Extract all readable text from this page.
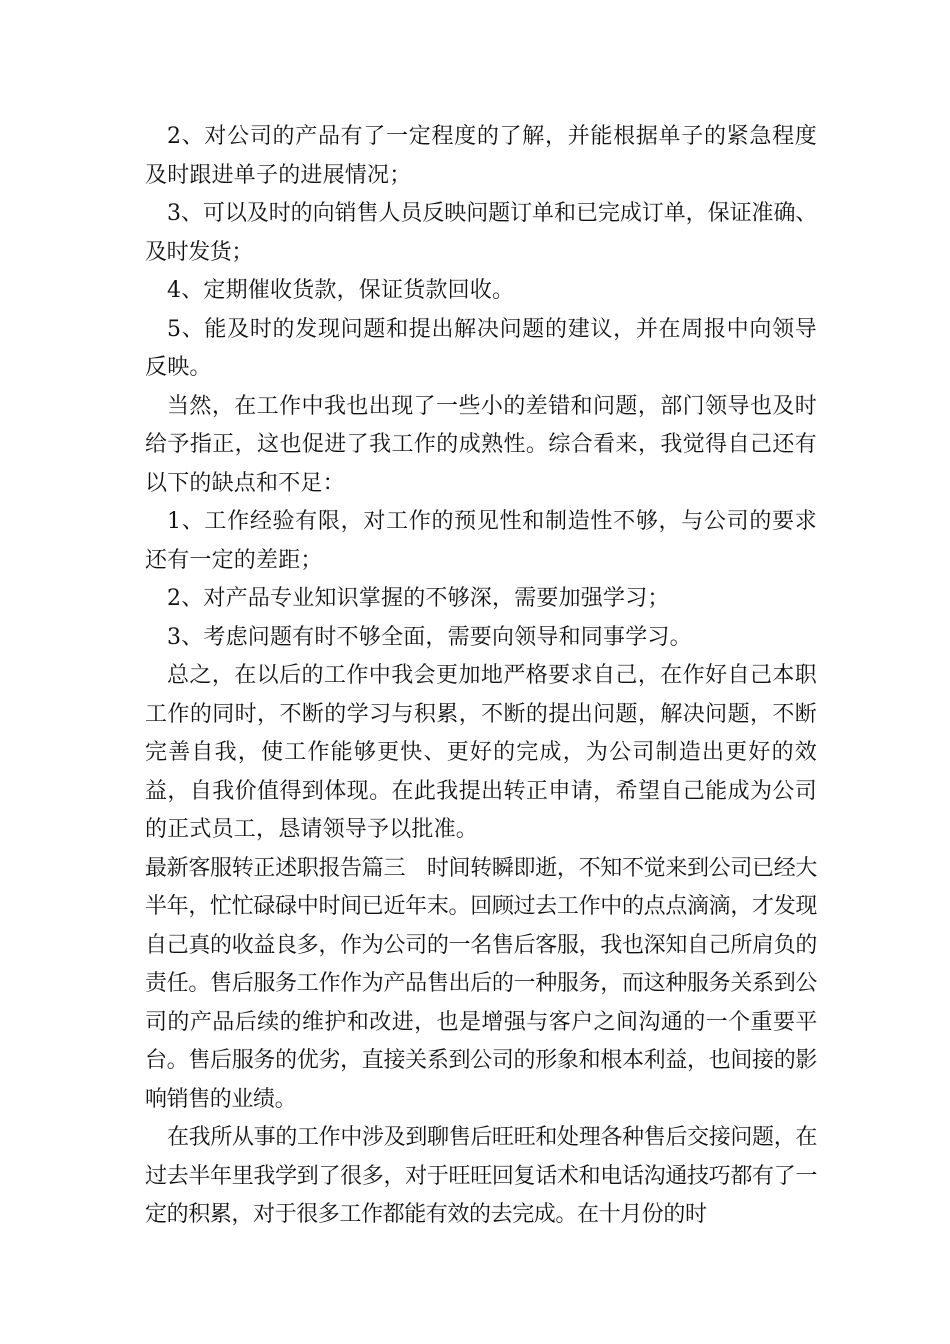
2、对公司的产品有了一定程度的了解，并能根据单子的紧急程度及时跟进单子的进展情况；

3、可以及时的向销售人员反映问题订单和已完成订单，保证准确、及时发货；

4、定期催收货款，保证货款回收。

5、能及时的发现问题和提出解决问题的建议，并在周报中向领导反映。

当然，在工作中我也出现了一些小的差错和问题，部门领导也及时给予指正，这也促进了我工作的成熟性。综合看来，我觉得自己还有以下的缺点和不足：

1、工作经验有限，对工作的预见性和制造性不够，与公司的要求还有一定的差距；

2、对产品专业知识掌握的不够深，需要加强学习；

3、考虑问题有时不够全面，需要向领导和同事学习。

总之，在以后的工作中我会更加地严格要求自己，在作好自己本职工作的同时，不断的学习与积累，不断的提出问题，解决问题，不断完善自我，使工作能够更快、更好的完成，为公司制造出更好的效益，自我价值得到体现。在此我提出转正申请，希望自己能成为公司的正式员工，恳请领导予以批准。

最新客服转正述职报告篇三　时间转瞬即逝，不知不觉来到公司已经大半年，忙忙碌碌中时间已近年末。回顾过去工作中的点点滴滴，才发现自己真的收益良多，作为公司的一名售后客服，我也深知自己所肩负的责任。售后服务工作作为产品售出后的一种服务，而这种服务关系到公司的产品后续的维护和改进，也是增强与客户之间沟通的一个重要平台。售后服务的优劣，直接关系到公司的形象和根本利益，也间接的影响销售的业绩。

在我所从事的工作中涉及到聊售后旺旺和处理各种售后交接问题，在过去半年里我学到了很多，对于旺旺回复话术和电话沟通技巧都有了一定的积累，对于很多工作都能有效的去完成。在十月份的时
